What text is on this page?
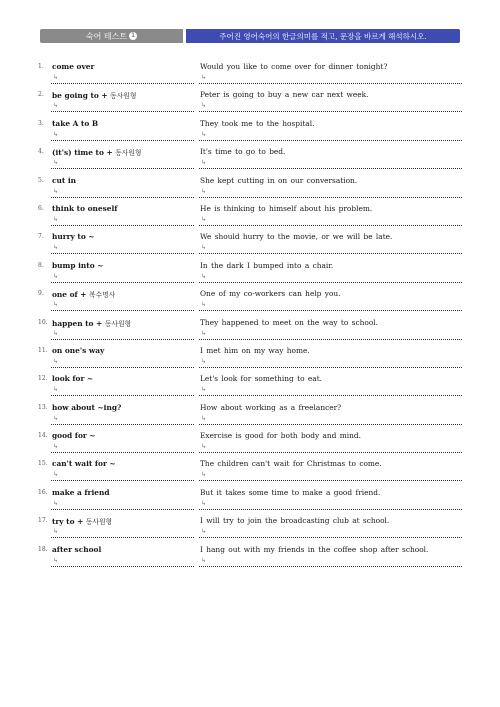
숙어 테스트 1	주어진 영어숙어의 한글의미를 적고, 문장을 바르게 해석하시오.
1.	come over	Would you like to come over for dinner tonight?
↳	↳
2.	be going to + 동사원형	Peter is going to buy a new car next week.
↳	↳
3.	take A to B	They took me to the hospital.
↳	↳
4.	(it's) time to + 동사원형	It's time to go to bed.
↳	↳
5.	cut in	She kept cutting in on our conversation.
↳	↳
6.	think to oneself	He is thinking to himself about his problem.
↳	↳
7.	hurry to ~	We should hurry to the movie, or we will be late.
↳	↳
8.	bump into ~	In the dark I bumped into a chair.
↳	↳
9.	one of + 복수명사	One of my co-workers can help you.
↳	↳
10. happen to + 동사원형	They happened to meet on the way to school.
↳	↳
11. on one's way	I met him on my way home.
↳	↳
12. look for ~	Let's look for something to eat.
↳	↳
13. how about ~ing?	How about working as a freelancer?
↳	↳
14. good for ~	Exercise is good for both body and mind.
↳	↳
15. can't wait for ~	The children can't wait for Christmas to come.
↳	↳
16. make a friend	But it takes some time to make a good friend.
↳	↳
17. try to + 동사원형	I will try to join the broadcasting club at school.
↳	↳
18. after school	I hang out with my friends in the coffee shop after school.
↳	↳
